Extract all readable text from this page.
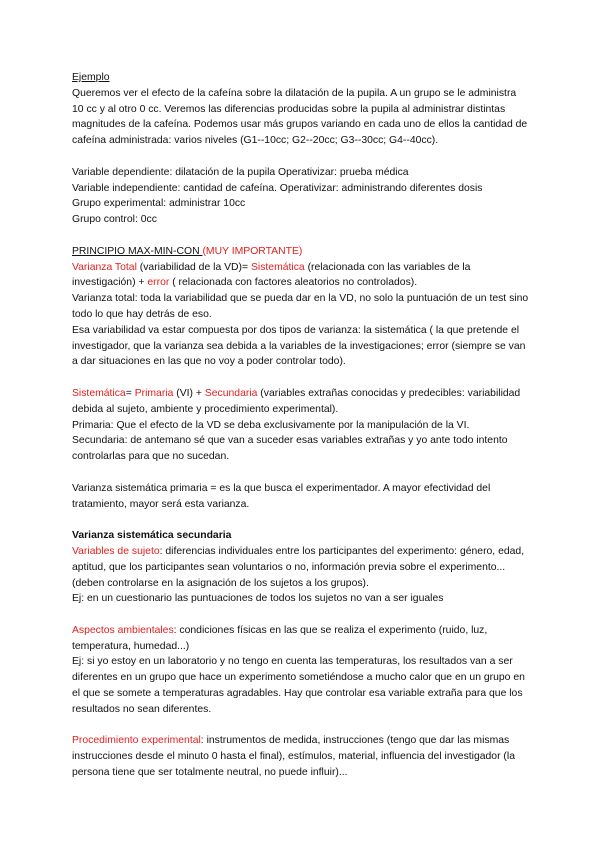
Ejemplo

Queremos ver el efecto de la cafeína sobre la dilatación de la pupila. A un grupo se le administra 10 cc y al otro 0 cc. Veremos las diferencias producidas sobre la pupila al administrar distintas magnitudes de la cafeína. Podemos usar más grupos variando en cada uno de ellos la cantidad de cafeína administrada: varios niveles (G1--10cc; G2--20cc; G3--30cc; G4--40cc).

Variable dependiente: dilatación de la pupila Operativizar: prueba médica

Variable independiente: cantidad de cafeína. Operativizar: administrando diferentes dosis

Grupo experimental: administrar 10cc

Grupo control: 0cc

PRINCIPIO MAX-MIN-CON (MUY IMPORTANTE)

Varianza Total (variabilidad de la VD)= Sistemática (relacionada con las variables de la investigación) + error ( relacionada con factores aleatorios no controlados).

Varianza total: toda la variabilidad que se pueda dar en la VD, no solo la puntuación de un test sino todo lo que hay detrás de eso.

Esa variabilidad va estar compuesta por dos tipos de varianza: la sistemática ( la que pretende el investigador, que la varianza sea debida a la variables de la investigaciones; error (siempre se van a dar situaciones en las que no voy a poder controlar todo).

Sistemática= Primaria (VI) + Secundaria (variables extrañas conocidas y predecibles: variabilidad debida al sujeto, ambiente y procedimiento experimental).

Primaria: Que el efecto de la VD se deba exclusivamente por la manipulación de la VI.

Secundaria: de antemano sé que van a suceder esas variables extrañas y yo ante todo intento controlarlas para que no sucedan.

Varianza sistemática primaria = es la que busca el experimentador. A mayor efectividad del tratamiento, mayor será esta varianza.

Varianza sistemática secundaria

Variables de sujeto: diferencias individuales entre los participantes del experimento: género, edad, aptitud, que los participantes sean voluntarios o no, información previa sobre el experimento... (deben controlarse en la asignación de los sujetos a los grupos).

Ej: en un cuestionario las puntuaciones de todos los sujetos no van a ser iguales

Aspectos ambientales: condiciones físicas en las que se realiza el experimento (ruido, luz, temperatura, humedad...)

Ej: si yo estoy en un laboratorio y no tengo en cuenta las temperaturas, los resultados van a ser diferentes en un grupo que hace un experimento sometiéndose a mucho calor que en un grupo en el que se somete a temperaturas agradables. Hay que controlar esa variable extraña para que los resultados no sean diferentes.

Procedimiento experimental: instrumentos de medida, instrucciones (tengo que dar las mismas instrucciones desde el minuto 0 hasta el final), estímulos, material, influencia del investigador (la persona tiene que ser totalmente neutral, no puede influir)...
